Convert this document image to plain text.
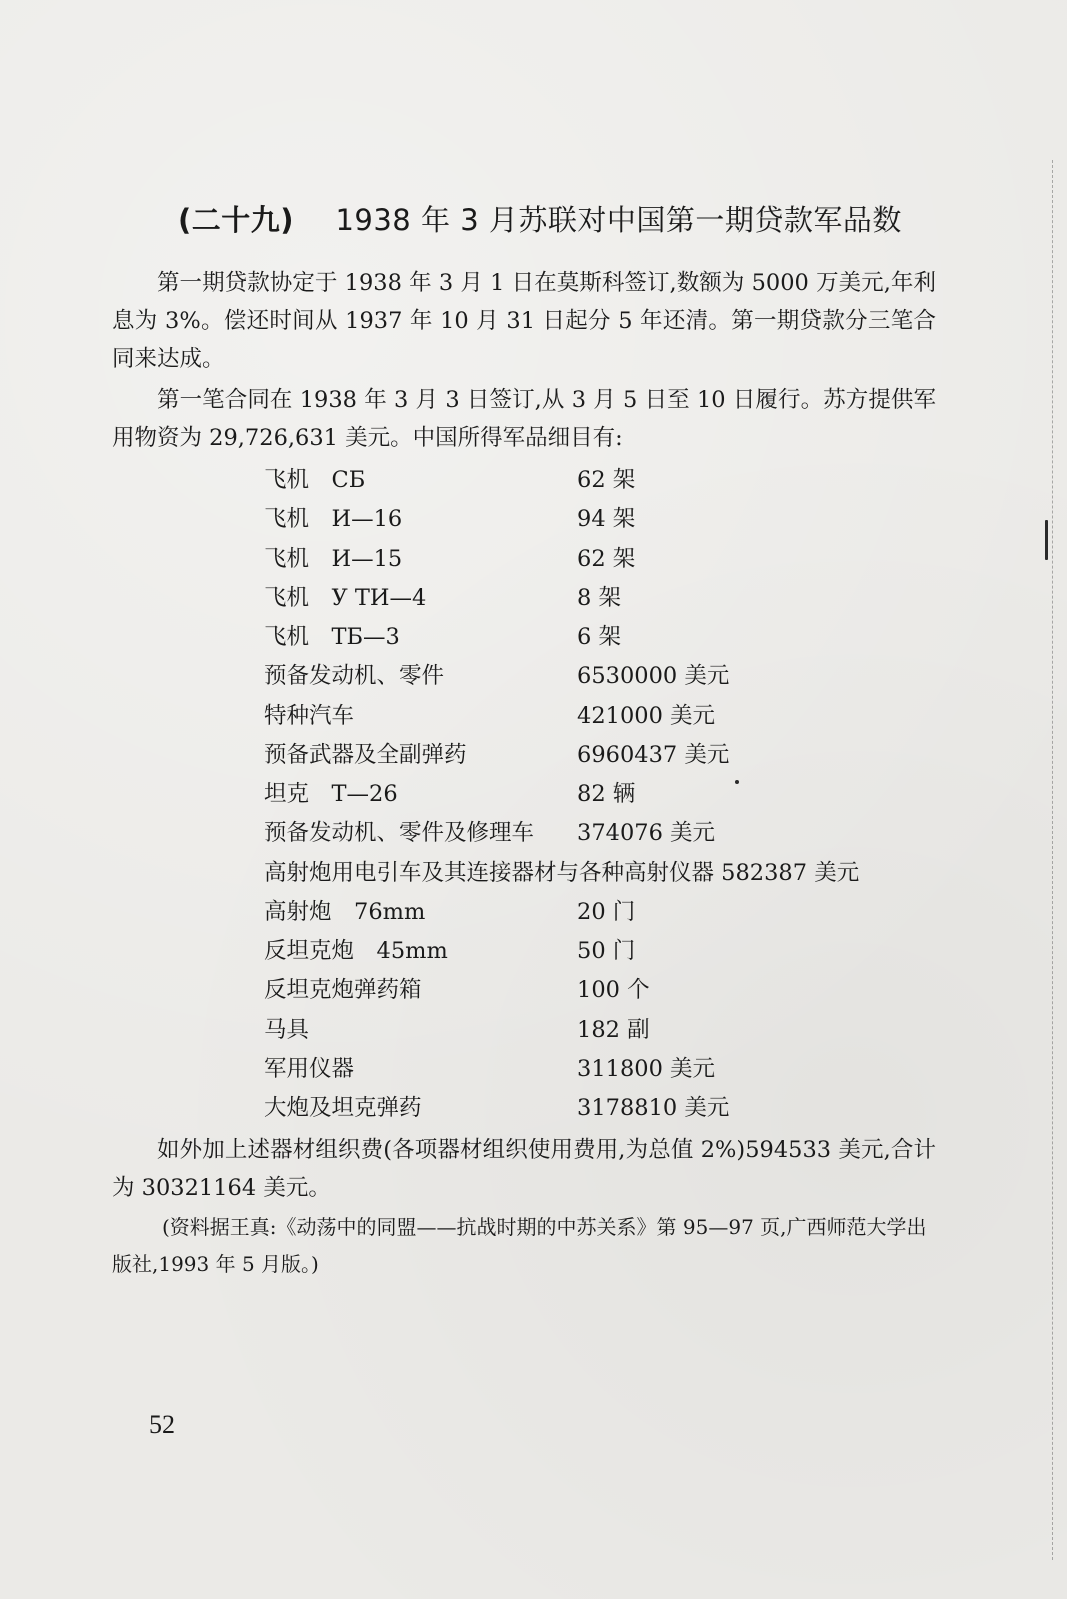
(二十九) 1938 年 3 月苏联对中国第一期贷款军品数
第一期贷款协定于 1938 年 3 月 1 日在莫斯科签订,数额为 5000 万美元,年利息为 3%。偿还时间从 1937 年 10 月 31 日起分 5 年还清。第一期贷款分三笔合同来达成。
第一笔合同在 1938 年 3 月 3 日签订,从 3 月 5 日至 10 日履行。苏方提供军用物资为 29,726,631 美元。中国所得军品细目有:
飞机　СБ	62 架
飞机　И—16	94 架
飞机　И—15	62 架
飞机　У ТИ—4	8 架
飞机　ТБ—3	6 架
预备发动机、零件	6530000 美元
特种汽车	421000 美元
预备武器及全副弹药	6960437 美元
坦克　Т—26	82 辆
预备发动机、零件及修理车 374076 美元
高射炮用电引车及其连接器材与各种高射仪器 582387 美元
高射炮　76mm	20 门
反坦克炮　45mm	50 门
反坦克炮弹药箱	100 个
马具	182 副
军用仪器	311800 美元
大炮及坦克弹药	3178810 美元
如外加上述器材组织费(各项器材组织使用费用,为总值 2%)594533 美元,合计为 30321164 美元。
(资料据王真:《动荡中的同盟——抗战时期的中苏关系》第 95—97 页,广西师范大学出版社,1993 年 5 月版。)
52
